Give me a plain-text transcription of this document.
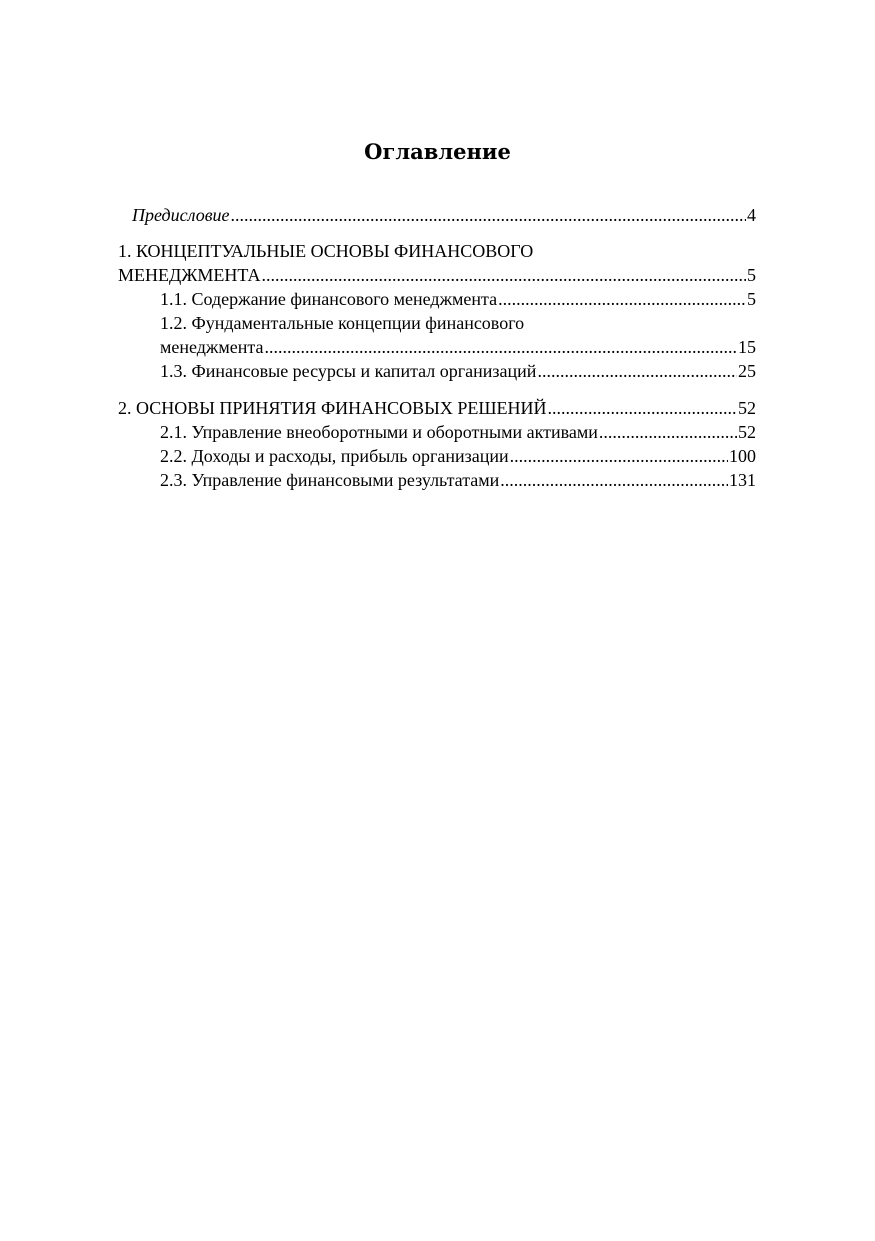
Оглавление
Предисловие .....	4
1. КОНЦЕПТУАЛЬНЫЕ ОСНОВЫ ФИНАНСОВОГО
МЕНЕДЖМЕНТА .....	5
1.1. Содержание финансового менеджмента .....	5
1.2. Фундаментальные концепции финансового
менеджмента .....	15
1.3. Финансовые ресурсы и капитал организаций .....	25
2. ОСНОВЫ ПРИНЯТИЯ ФИНАНСОВЫХ РЕШЕНИЙ .....	52
2.1. Управление внеоборотными и оборотными активами .....	52
2.2. Доходы и расходы, прибыль организации .....	100
2.3. Управление финансовыми результатами .....	131
